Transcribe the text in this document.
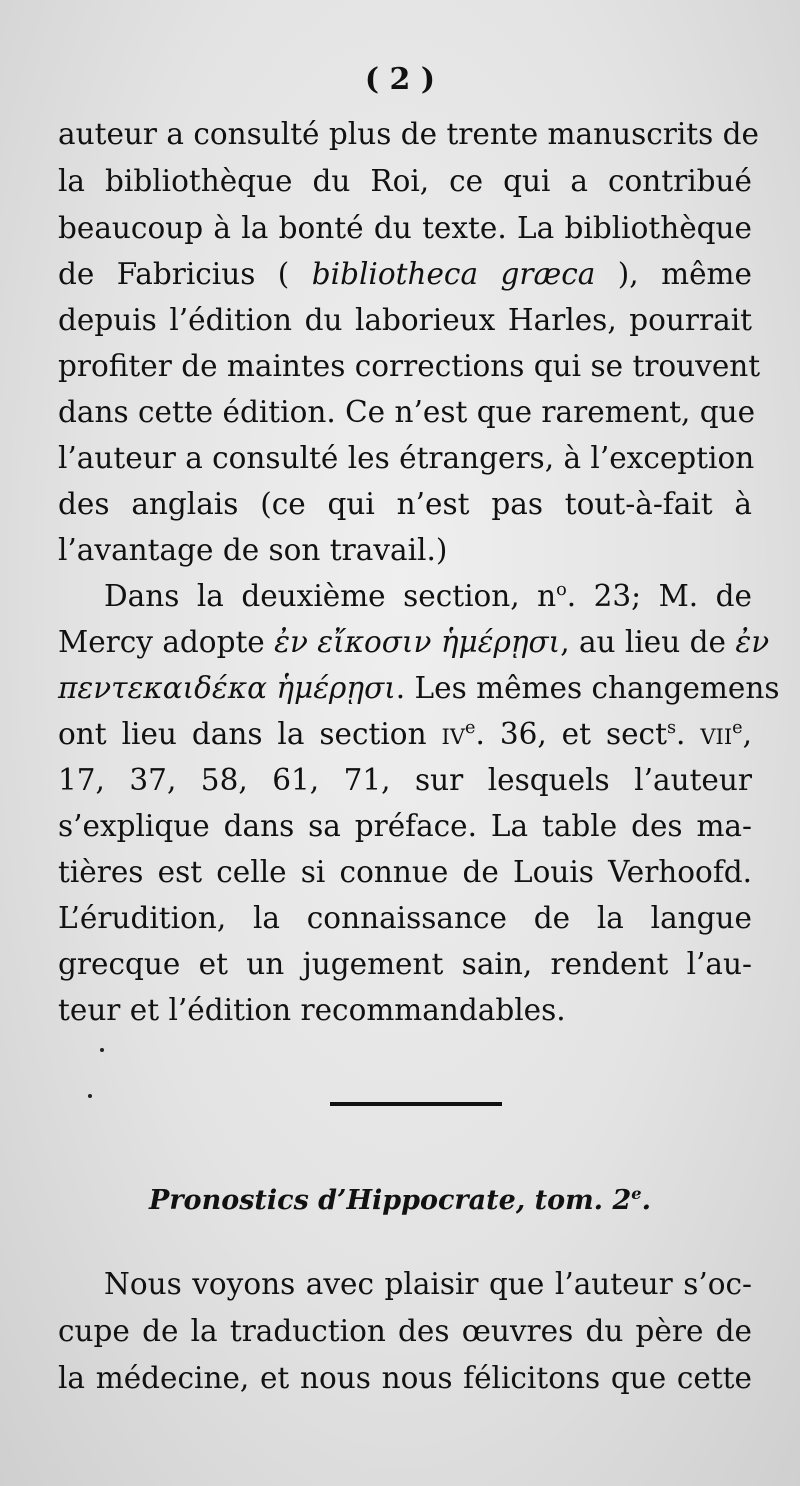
( 2 )
auteur a consulté plus de trente manuscrits de
la bibliothèque du Roi, ce qui a contribué
beaucoup à la bonté du texte. La bibliothèque
de Fabricius ( bibliotheca græca ), même
depuis l’édition du laborieux Harles, pourrait
profiter de maintes corrections qui se trouvent
dans cette édition. Ce n’est que rarement, que
l’auteur a consulté les étrangers, à l’exception
des anglais (ce qui n’est pas tout-à-fait à
l’avantage de son travail.)
Dans la deuxième section, $n^o$. 23; M. de
Mercy adopte ἐν εἴκοσιν ἡμέρῃσι, au lieu de ἐν
πεντεκαιδέκα ἡμέρῃσι. Les mêmes changemens
ont lieu dans la section $iv^e$. 36, et sect$^s$. vii$^e$,
17, 37, 58, 61, 71, sur lesquels l’auteur
s’explique dans sa préface. La table des ma-
tières est celle si connue de Louis Verhoofd.
L’érudition, la connaissance de la langue
grecque et un jugement sain, rendent l’au-
teur et l’édition recommandables.
Pronostics d’Hippocrate, tom. 2e.
Nous voyons avec plaisir que l’auteur s’oc-
cupe de la traduction des œuvres du père de
la médecine, et nous nous félicitons que cette
